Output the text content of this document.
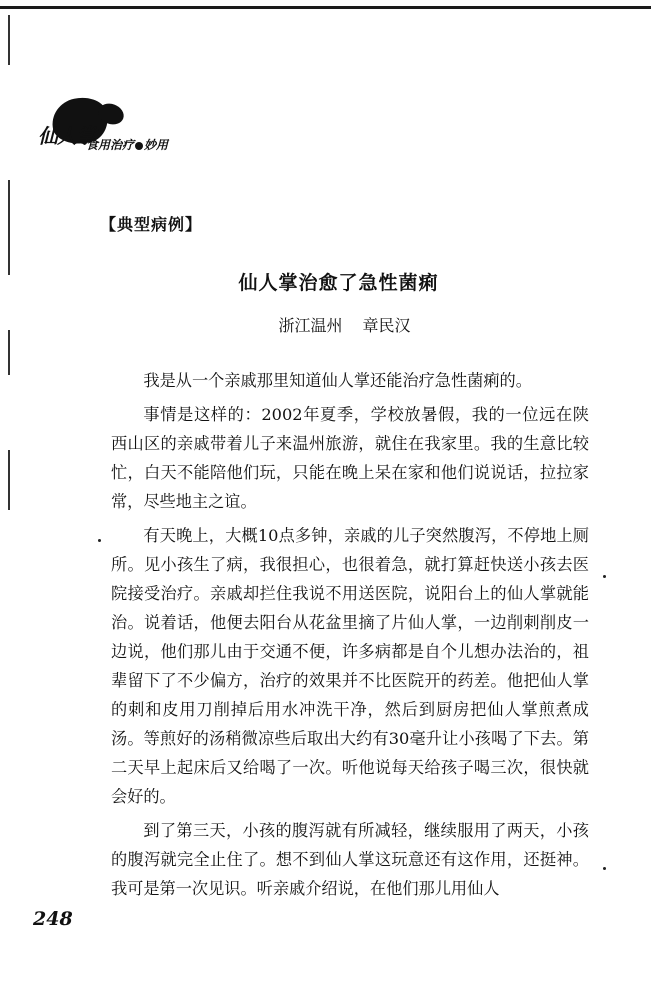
仙人掌
食用治疗 妙用
【典型病例】
仙人掌治愈了急性菌痢
浙江温州 章民汉

我是从一个亲戚那里知道仙人掌还能治疗急性菌痢的。

事情是这样的：2002年夏季，学校放暑假，我的一位远在陕西山区的亲戚带着儿子来温州旅游，就住在我家里。我的生意比较忙，白天不能陪他们玩，只能在晚上呆在家和他们说说话，拉拉家常，尽些地主之谊。

有天晚上，大概10点多钟，亲戚的儿子突然腹泻，不停地上厕所。见小孩生了病，我很担心，也很着急，就打算赶快送小孩去医院接受治疗。亲戚却拦住我说不用送医院，说阳台上的仙人掌就能治。说着话，他便去阳台从花盆里摘了片仙人掌，一边削刺削皮一边说，他们那儿由于交通不便，许多病都是自个儿想办法治的，祖辈留下了不少偏方，治疗的效果并不比医院开的药差。他把仙人掌的刺和皮用刀削掉后用水冲洗干净，然后到厨房把仙人掌煎煮成汤。等煎好的汤稍微凉些后取出大约有30毫升让小孩喝了下去。第二天早上起床后又给喝了一次。听他说每天给孩子喝三次，很快就会好的。

到了第三天，小孩的腹泻就有所减轻，继续服用了两天，小孩的腹泻就完全止住了。想不到仙人掌这玩意还有这作用，还挺神。我可是第一次见识。听亲戚介绍说，在他们那儿用仙人

248
